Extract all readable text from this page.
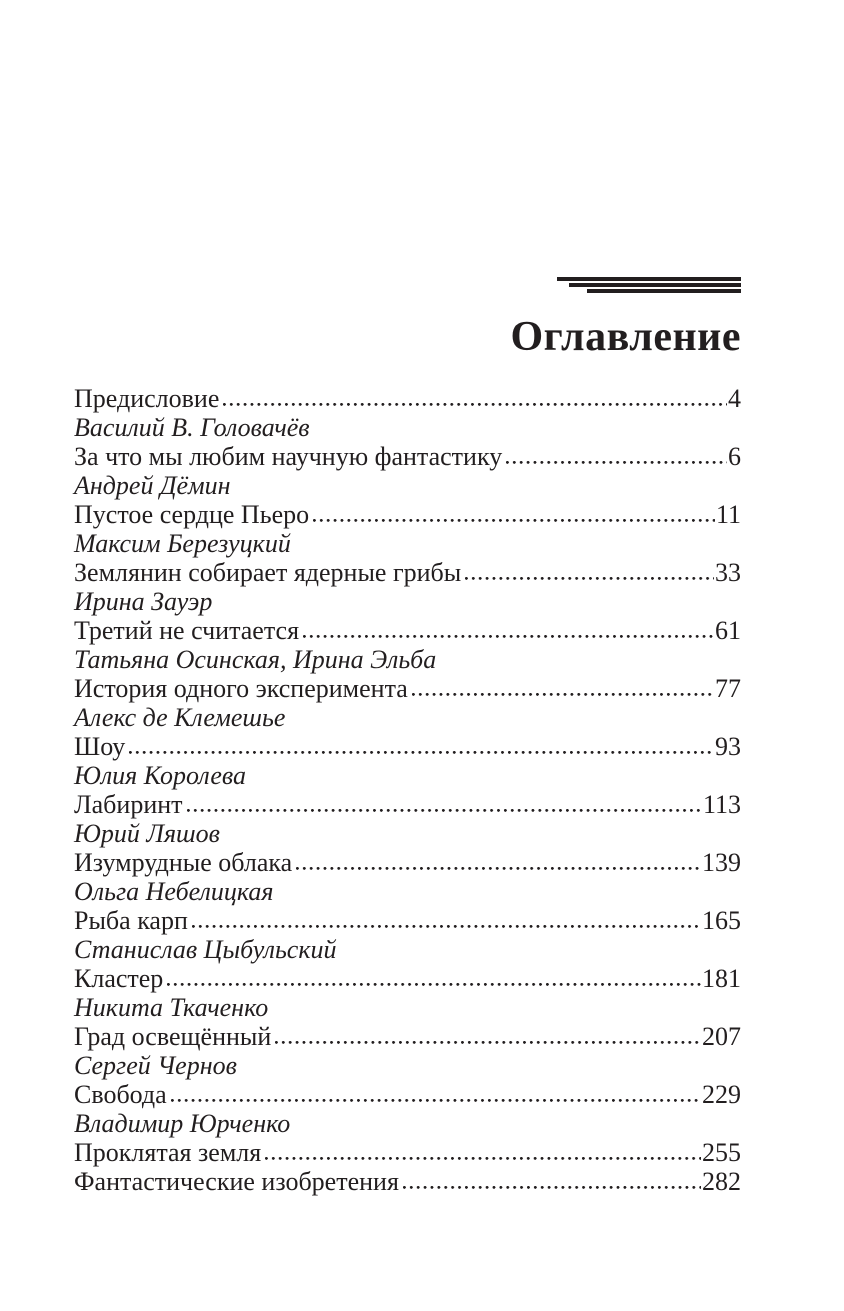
Оглавление
Предисловие	4
Василий В. Головачёв
За что мы любим научную фантастику	6
Андрей Дёмин
Пустое сердце Пьеро	11
Максим Березуцкий
Землянин собирает ядерные грибы	33
Ирина Зауэр
Третий не считается	61
Татьяна Осинская, Ирина Эльба
История одного эксперимента	77
Алекс де Клемешье
Шоу	93
Юлия Королева
Лабиринт	113
Юрий Ляшов
Изумрудные облака	139
Ольга Небелицкая
Рыба карп	165
Станислав Цыбульский
Кластер	181
Никита Ткаченко
Град освещённый	207
Сергей Чернов
Свобода	229
Владимир Юрченко
Проклятая земля	255
Фантастические изобретения	282
